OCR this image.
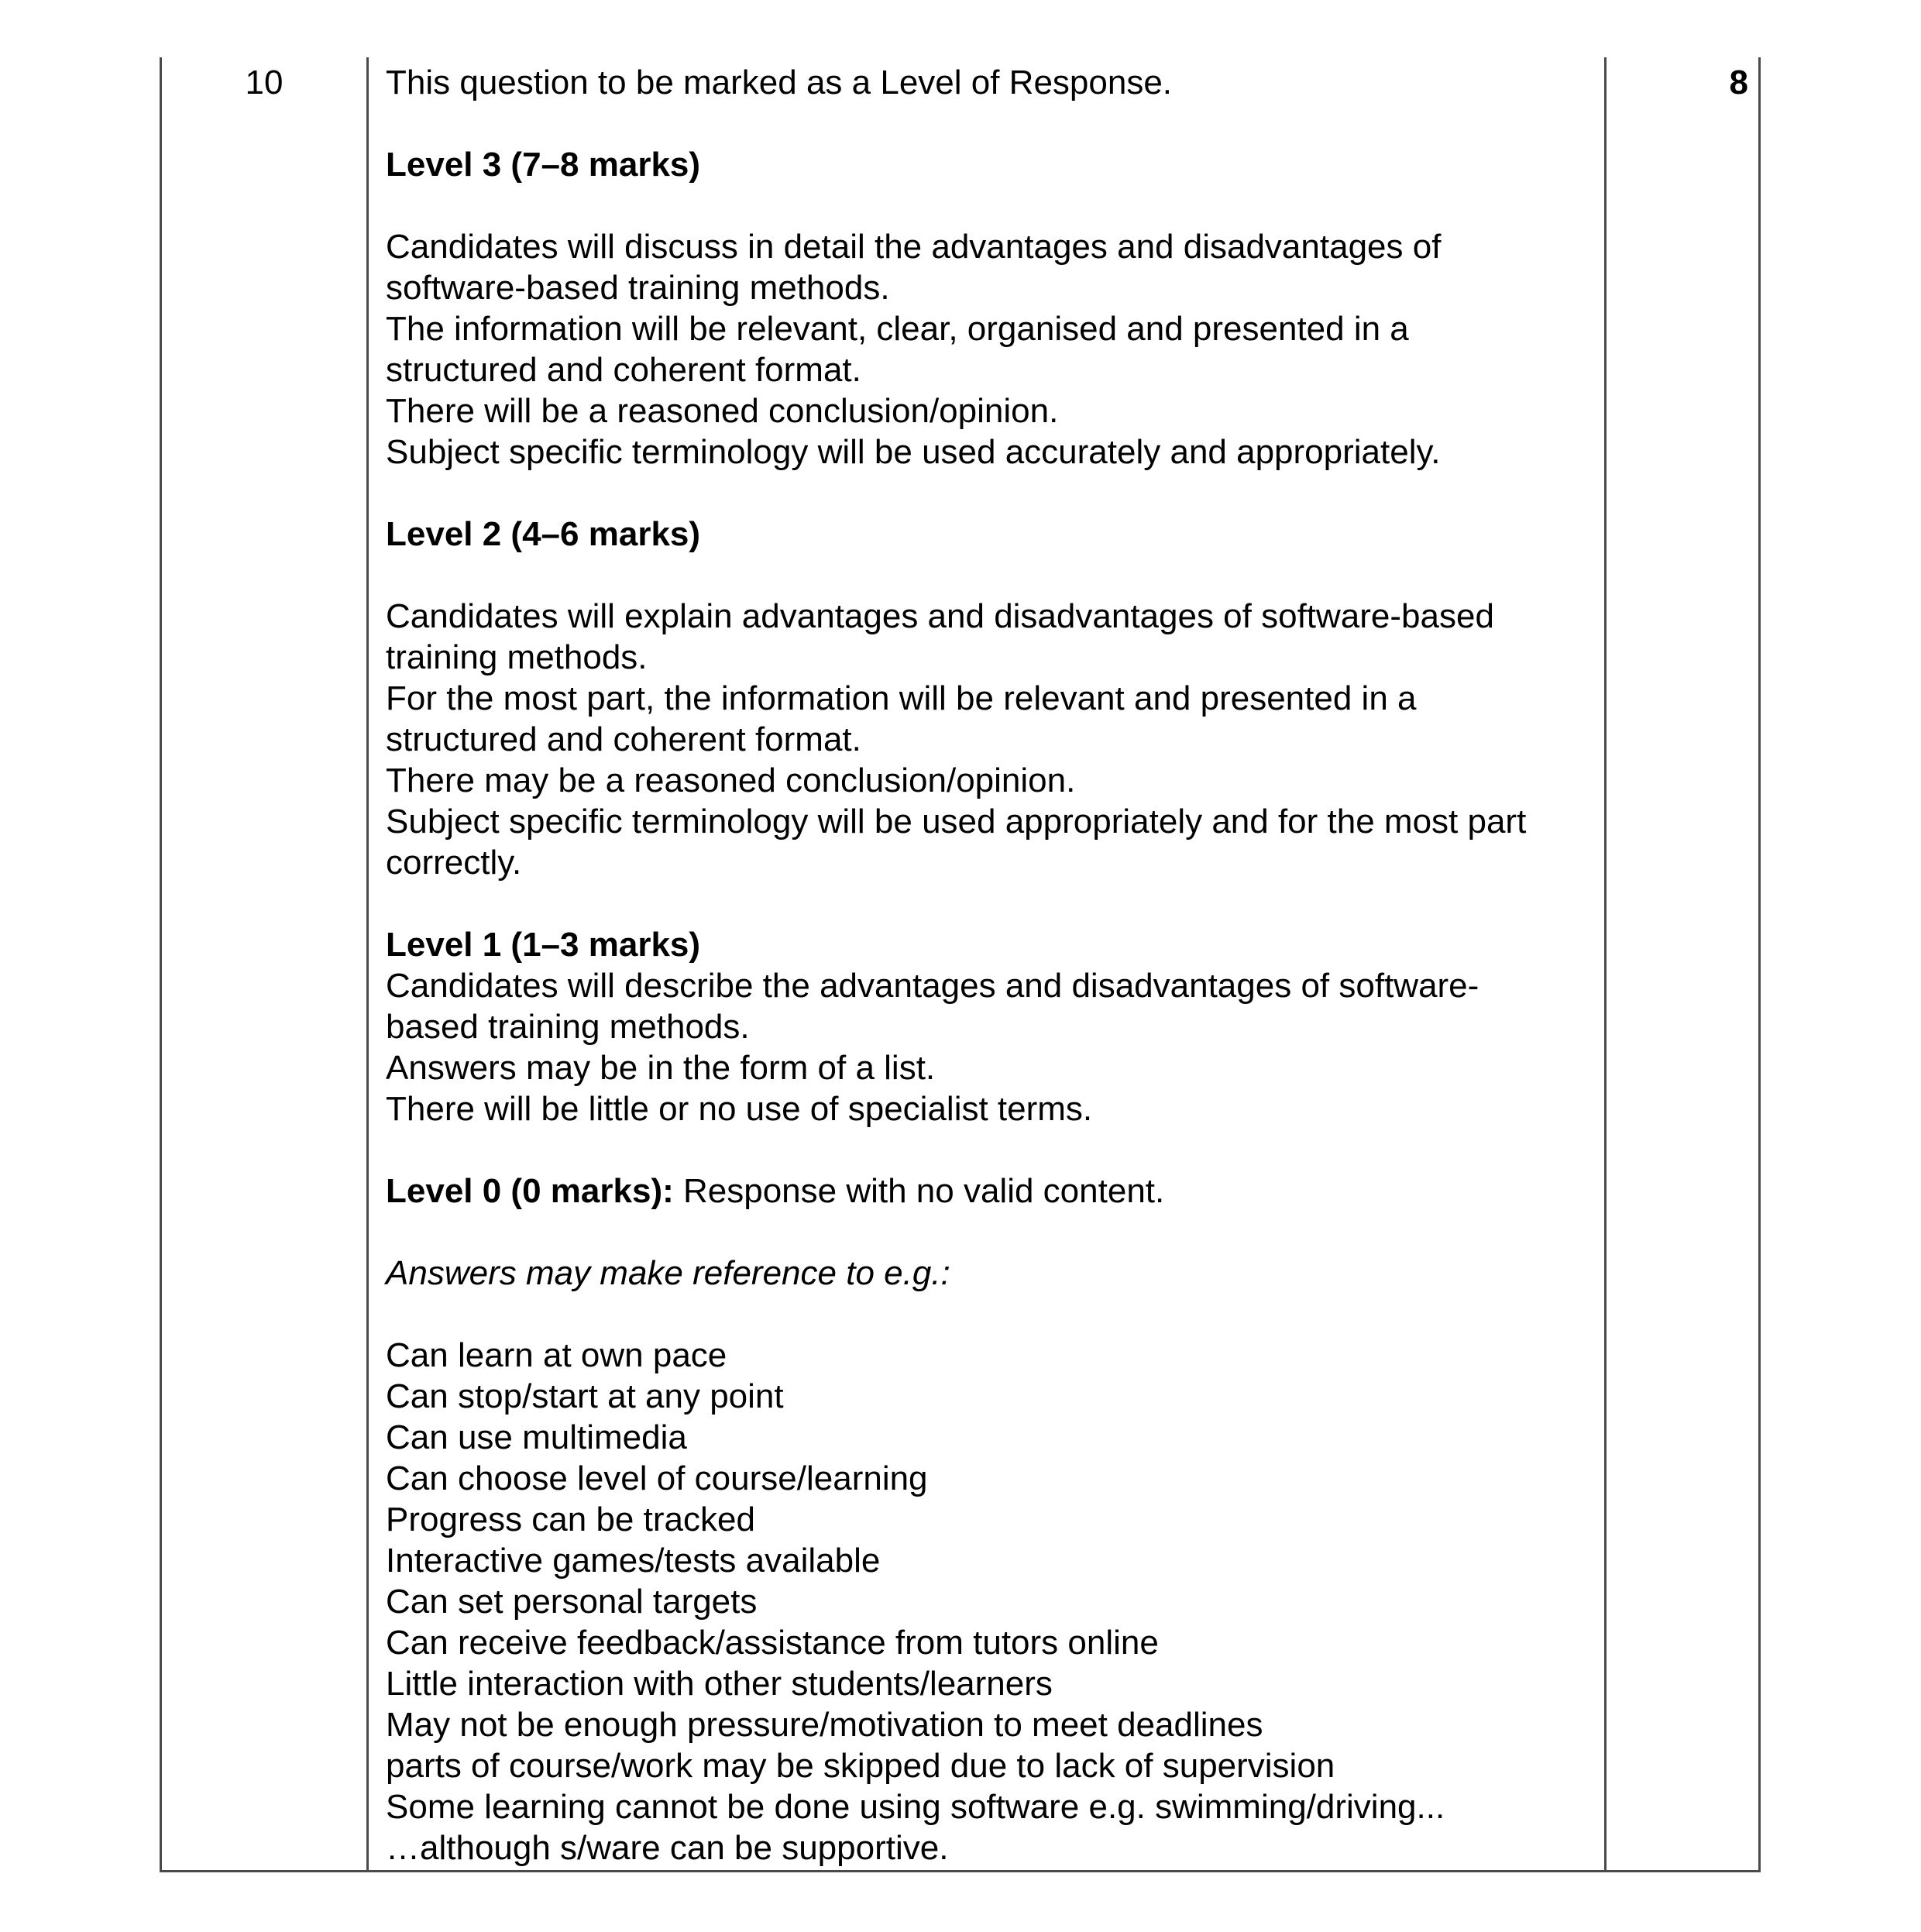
10	8
This question to be marked as a Level of Response.
Level 3 (7–8 marks)
Candidates will discuss in detail the advantages and disadvantages of
software-based training methods.
The information will be relevant, clear, organised and presented in a
structured and coherent format.
There will be a reasoned conclusion/opinion.
Subject specific terminology will be used accurately and appropriately.
Level 2 (4–6 marks)
Candidates will explain advantages and disadvantages of software-based
training methods.
For the most part, the information will be relevant and presented in a
structured and coherent format.
There may be a reasoned conclusion/opinion.
Subject specific terminology will be used appropriately and for the most part
correctly.
Level 1 (1–3 marks)
Candidates will describe the advantages and disadvantages of software-
based training methods.
Answers may be in the form of a list.
There will be little or no use of specialist terms.
Level 0 (0 marks): Response with no valid content.
Answers may make reference to e.g.:
Can learn at own pace
Can stop/start at any point
Can use multimedia
Can choose level of course/learning
Progress can be tracked
Interactive games/tests available
Can set personal targets
Can receive feedback/assistance from tutors online
Little interaction with other students/learners
May not be enough pressure/motivation to meet deadlines
parts of course/work may be skipped due to lack of supervision
Some learning cannot be done using software e.g. swimming/driving...
…although s/ware can be supportive.
